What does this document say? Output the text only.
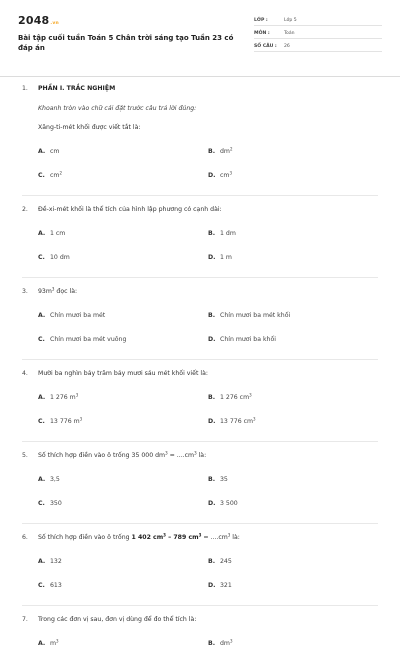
2048 .vn
Bài tập cuối tuần Toán 5 Chân trời sáng tạo Tuần 23 có đáp án
LỚP :	Lớp 5
MÔN :	Toán
SỐ CÂU :	26
1.	PHẦN I. TRẮC NGHIỆM
Khoanh tròn vào chữ cái đặt trước câu trả lời đúng:
Xăng-ti-mét khối được viết tắt là:
A. cm	B. $dm^2$
C. $cm^2$	D. $cm^3$
2.	Đề-xi-mét khối là thể tích của hình lập phương có cạnh dài:
A. 1 cm	B. 1 dm
C. 10 dm	D. 1 m
3.	$93m^3$ đọc là:
A. Chín mươi ba mét	B. Chín mươi ba mét khối
C. Chín mươi ba mét vuông	D. Chín mươi ba khối
4.	Mười ba nghìn bảy trăm bảy mươi sáu mét khối viết là:
A. 1 276 $m^3$	B. 1 276 $cm^3$
C. 13 776 $m^3$	D. 13 776 $cm^3$
5.	Số thích hợp điền vào ô trống 35 000 $dm^3 = ....cm^3$ là:
A. 3,5	B. 35
C. 350	D. 3 500
6.	Số thích hợp điền vào ô trống 1 402 $cm^3 - 789$ $cm^3 = ....cm^3$ là:
A. 132	B. 245
C. 613	D. 321
7.	Trong các đơn vị sau, đơn vị dùng để đo thể tích là:
A. $m^3$	B. $dm^3$
